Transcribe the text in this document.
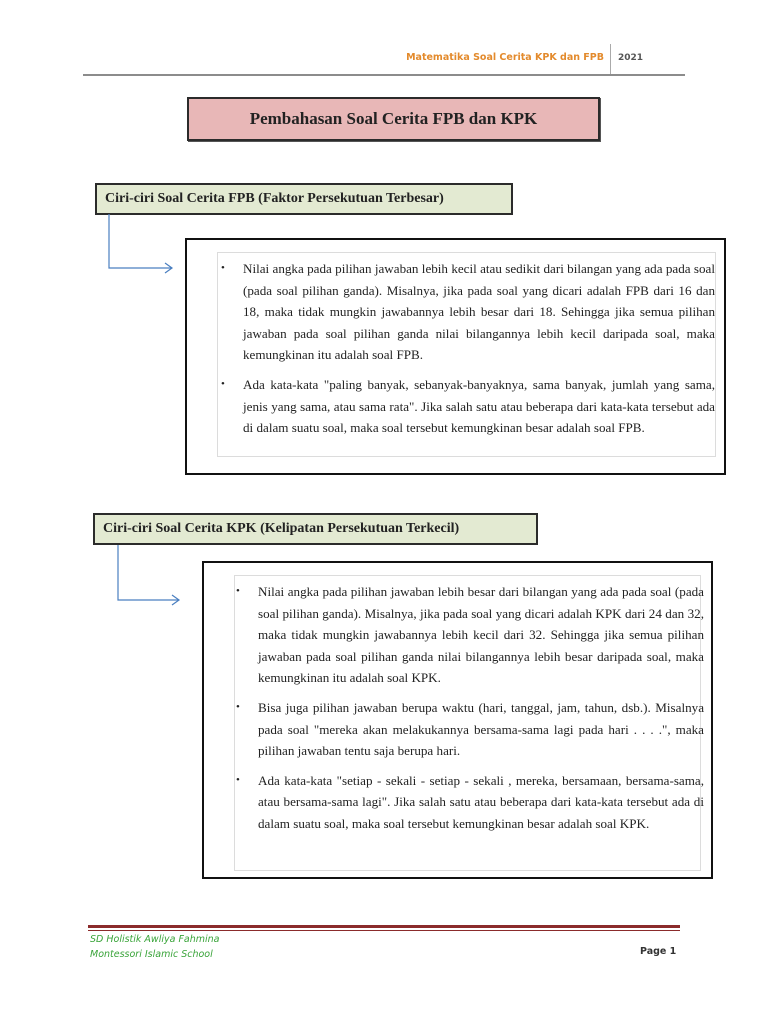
Matematika Soal Cerita KPK dan FPB 2021
Pembahasan Soal Cerita FPB dan KPK
Ciri-ciri Soal Cerita FPB (Faktor Persekutuan Terbesar)
• Nilai angka pada pilihan jawaban lebih kecil atau sedikit dari bilangan yang ada pada soal (pada soal pilihan ganda). Misalnya, jika pada soal yang dicari adalah FPB dari 16 dan 18, maka tidak mungkin jawabannya lebih besar dari 18. Sehingga jika semua pilihan jawaban pada soal pilihan ganda nilai bilangannya lebih kecil daripada soal, maka kemungkinan itu adalah soal FPB.
• Ada kata-kata "paling banyak, sebanyak-banyaknya, sama banyak, jumlah yang sama, jenis yang sama, atau sama rata". Jika salah satu atau beberapa dari kata-kata tersebut ada di dalam suatu soal, maka soal tersebut kemungkinan besar adalah soal FPB.
Ciri-ciri Soal Cerita KPK (Kelipatan Persekutuan Terkecil)
• Nilai angka pada pilihan jawaban lebih besar dari bilangan yang ada pada soal (pada soal pilihan ganda). Misalnya, jika pada soal yang dicari adalah KPK dari 24 dan 32, maka tidak mungkin jawabannya lebih kecil dari 32. Sehingga jika semua pilihan jawaban pada soal pilihan ganda nilai bilangannya lebih besar daripada soal, maka kemungkinan itu adalah soal KPK.
• Bisa juga pilihan jawaban berupa waktu (hari, tanggal, jam, tahun, dsb.). Misalnya pada soal "mereka akan melakukannya bersama-sama lagi pada hari . . . .", maka pilihan jawaban tentu saja berupa hari.
• Ada kata-kata "setiap - sekali - setiap - sekali , mereka, bersamaan, bersama-sama, atau bersama-sama lagi". Jika salah satu atau beberapa dari kata-kata tersebut ada di dalam suatu soal, maka soal tersebut kemungkinan besar adalah soal KPK.
SD Holistik Awliya Fahmina
Montessori Islamic School	Page 1
